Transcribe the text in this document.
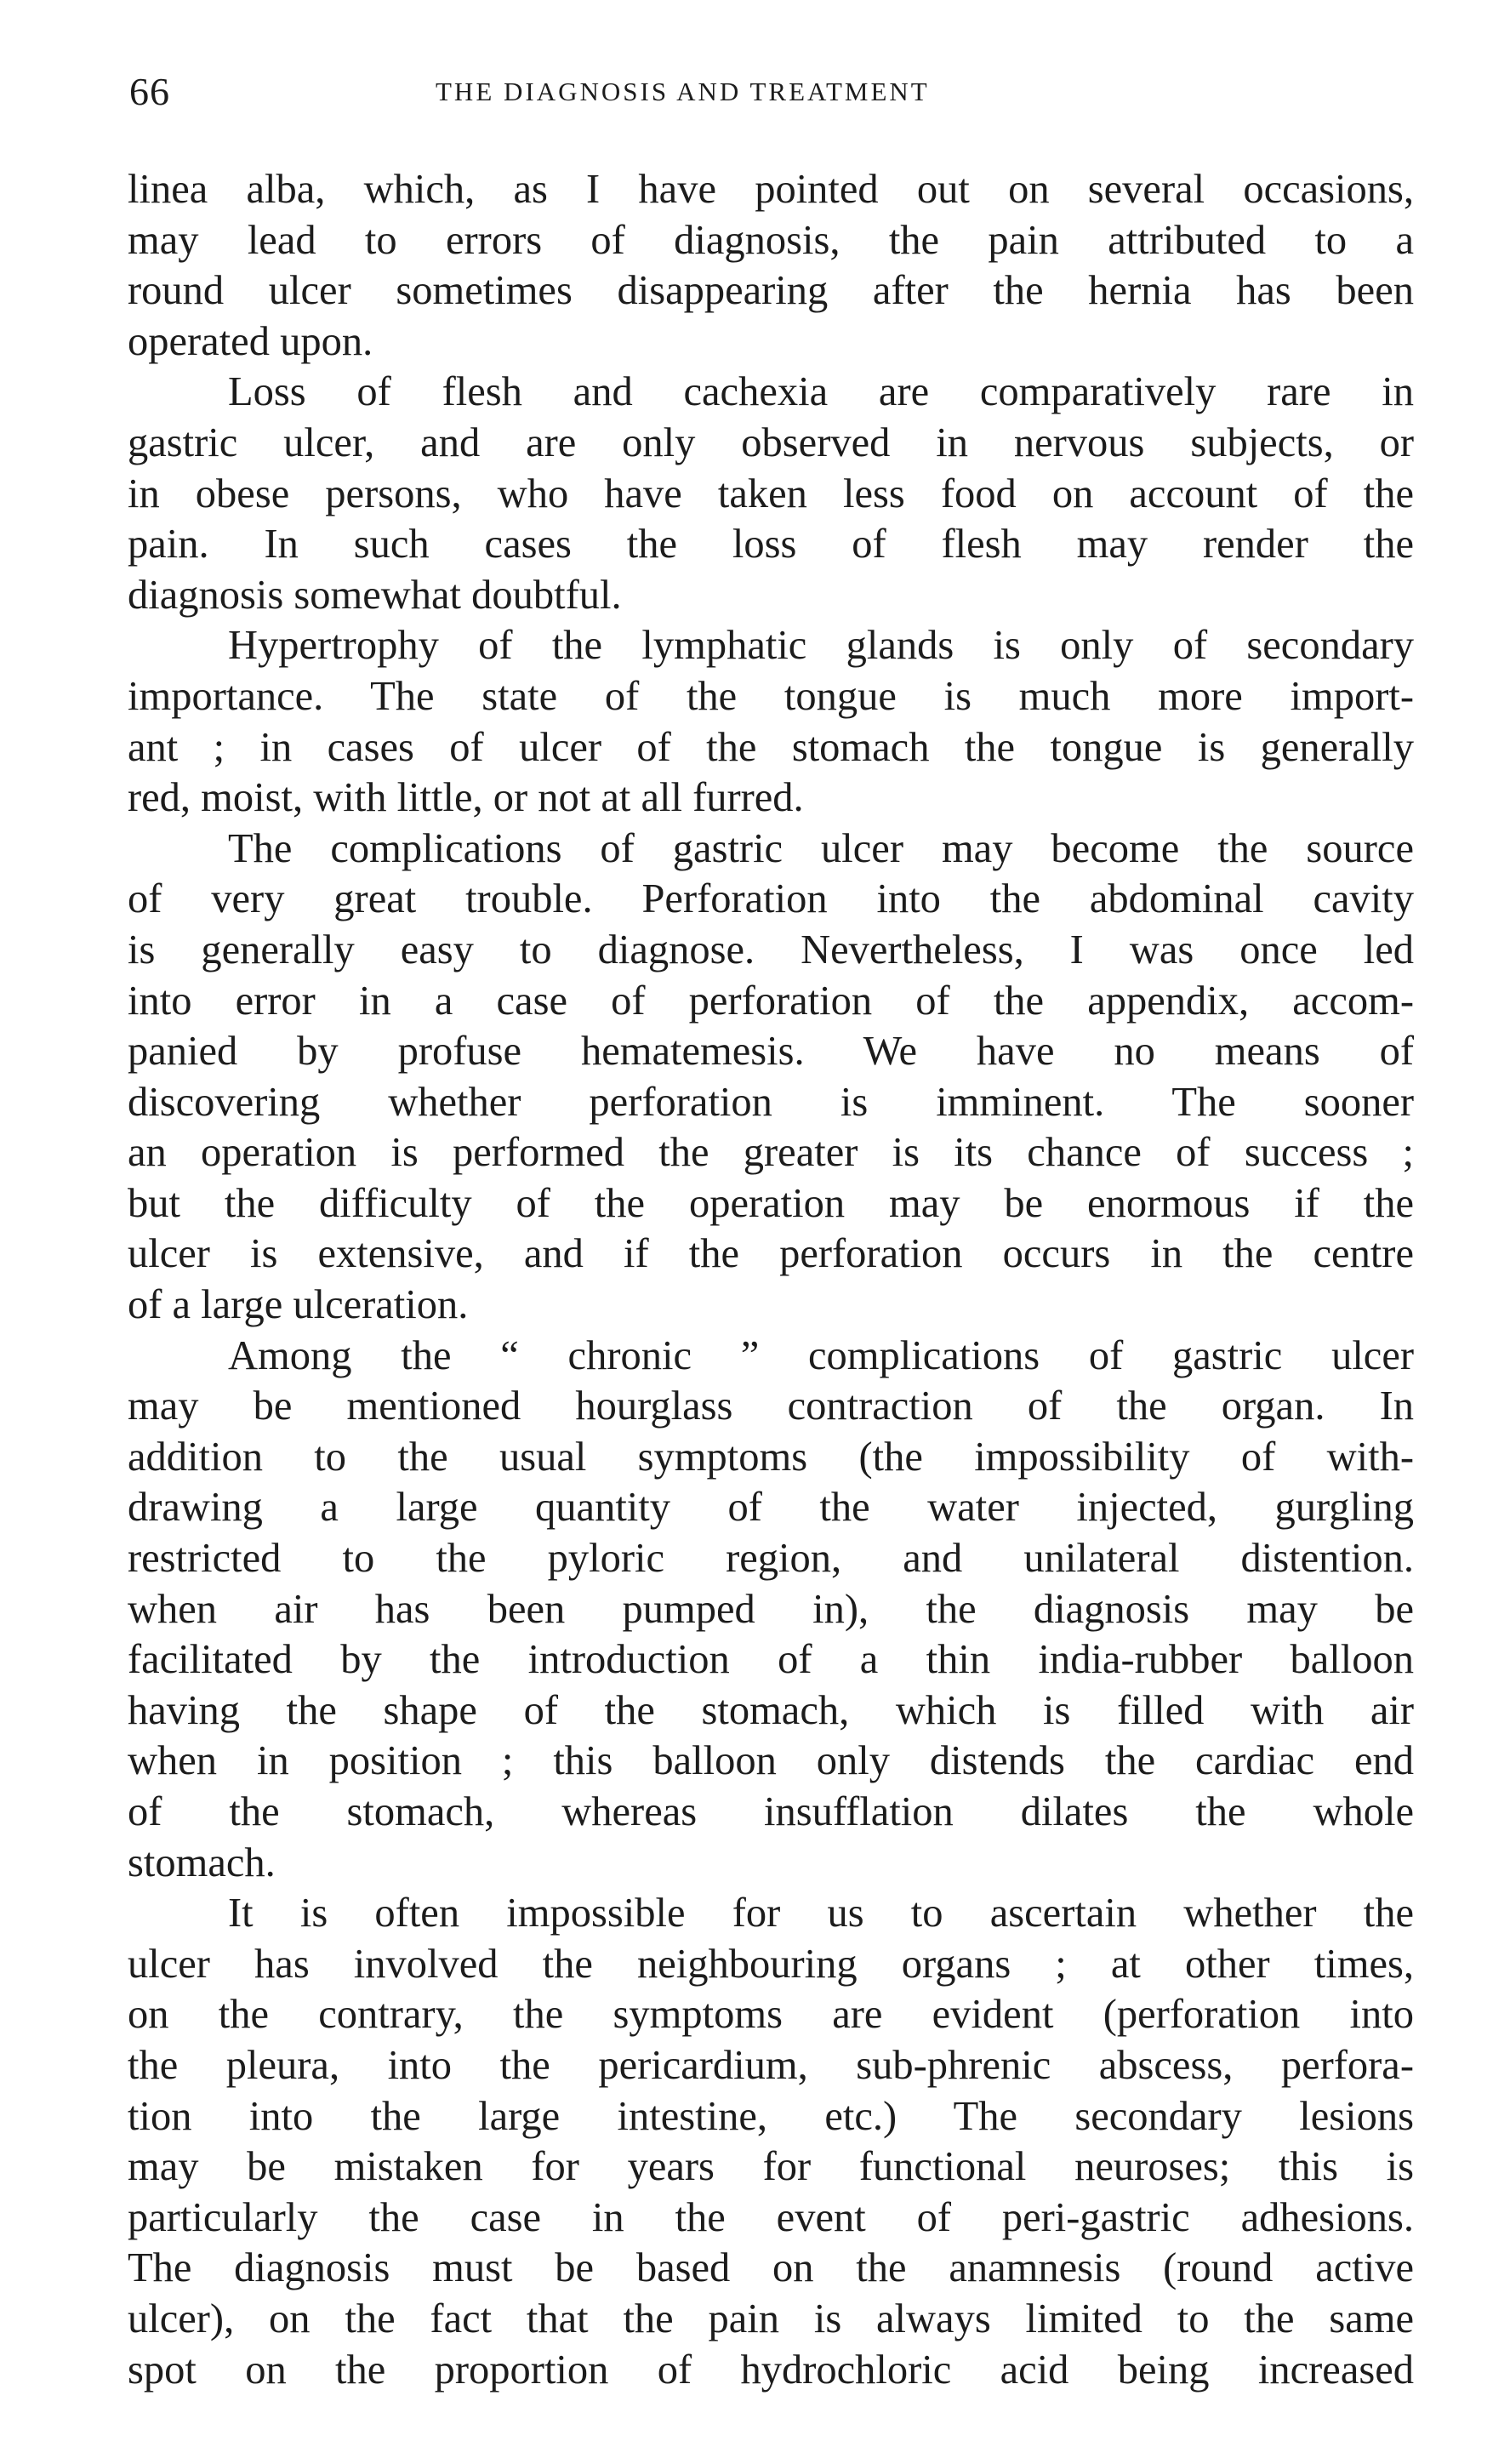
66	THE DIAGNOSIS AND TREATMENT
linea alba, which, as I have pointed out on several occasions,
may lead to errors of diagnosis, the pain attributed to a
round ulcer sometimes disappearing after the hernia has been
operated upon.
Loss of flesh and cachexia are comparatively rare in
gastric ulcer, and are only observed in nervous subjects, or
in obese persons, who have taken less food on account of the
pain. In such cases the loss of flesh may render the
diagnosis somewhat doubtful.
Hypertrophy of the lymphatic glands is only of secondary
importance. The state of the tongue is much more import-
ant ; in cases of ulcer of the stomach the tongue is generally
red, moist, with little, or not at all furred.
The complications of gastric ulcer may become the source
of very great trouble. Perforation into the abdominal cavity
is generally easy to diagnose. Nevertheless, I was once led
into error in a case of perforation of the appendix, accom-
panied by profuse hematemesis. We have no means of
discovering whether perforation is imminent. The sooner
an operation is performed the greater is its chance of success ;
but the difficulty of the operation may be enormous if the
ulcer is extensive, and if the perforation occurs in the centre
of a large ulceration.
Among the “ chronic ” complications of gastric ulcer
may be mentioned hourglass contraction of the organ. In
addition to the usual symptoms (the impossibility of with-
drawing a large quantity of the water injected, gurgling
restricted to the pyloric region, and unilateral distention.
when air has been pumped in), the diagnosis may be
facilitated by the introduction of a thin india-rubber balloon
having the shape of the stomach, which is filled with air
when in position ; this balloon only distends the cardiac end
of the stomach, whereas insufflation dilates the whole
stomach.
It is often impossible for us to ascertain whether the
ulcer has involved the neighbouring organs ; at other times,
on the contrary, the symptoms are evident (perforation into
the pleura, into the pericardium, sub-phrenic abscess, perfora-
tion into the large intestine, etc.) The secondary lesions
may be mistaken for years for functional neuroses; this is
particularly the case in the event of peri-gastric adhesions.
The diagnosis must be based on the anamnesis (round active
ulcer), on the fact that the pain is always limited to the same
spot on the proportion of hydrochloric acid being increased
